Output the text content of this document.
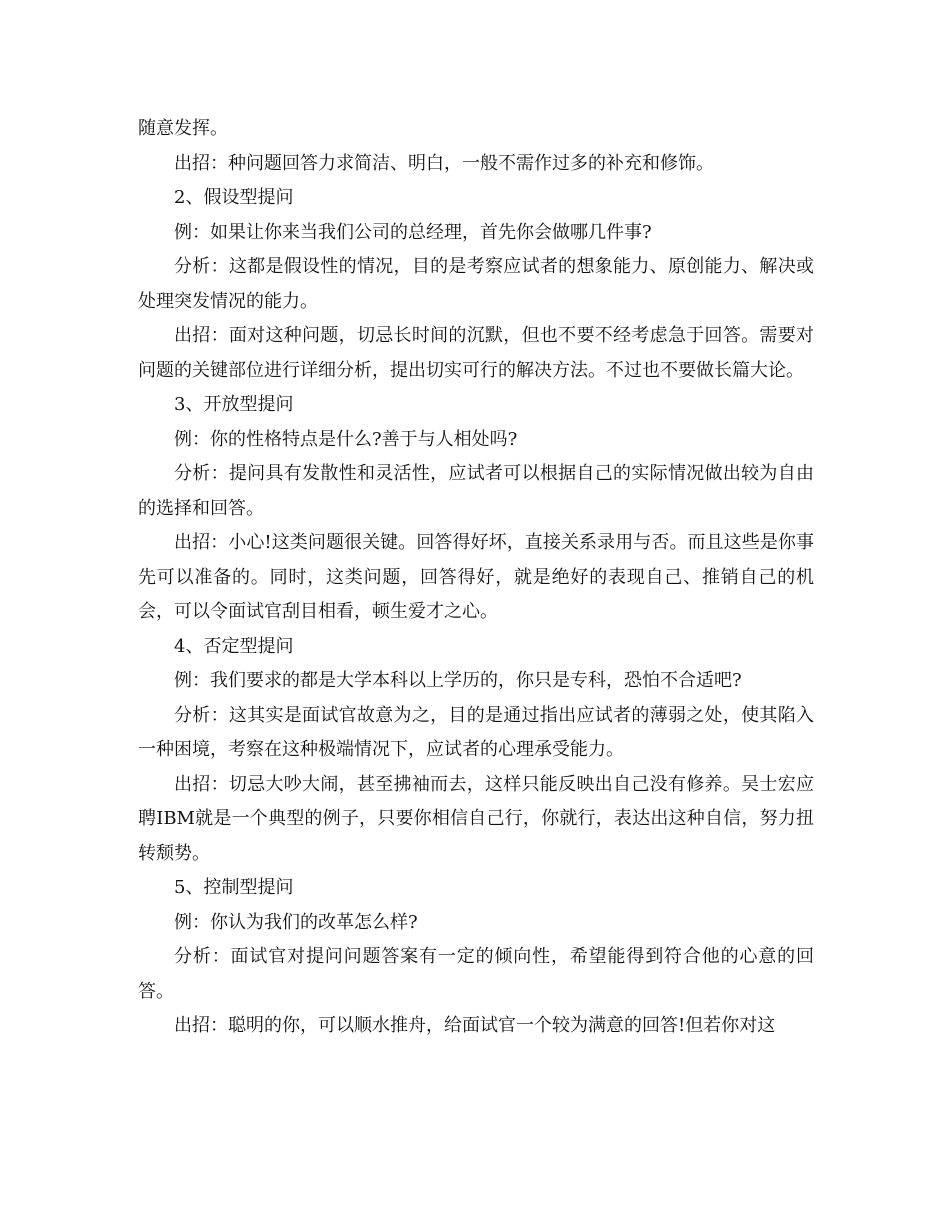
随意发挥。

出招：种问题回答力求简洁、明白，一般不需作过多的补充和修饰。

2、假设型提问

例：如果让你来当我们公司的总经理，首先你会做哪几件事?

分析：这都是假设性的情况，目的是考察应试者的想象能力、原创能力、解决或处理突发情况的能力。

出招：面对这种问题，切忌长时间的沉默，但也不要不经考虑急于回答。需要对问题的关键部位进行详细分析，提出切实可行的解决方法。不过也不要做长篇大论。

3、开放型提问

例：你的性格特点是什么?善于与人相处吗?

分析：提问具有发散性和灵活性，应试者可以根据自己的实际情况做出较为自由的选择和回答。

出招：小心!这类问题很关键。回答得好坏，直接关系录用与否。而且这些是你事先可以准备的。同时，这类问题，回答得好，就是绝好的表现自己、推销自己的机会，可以令面试官刮目相看，顿生爱才之心。

4、否定型提问

例：我们要求的都是大学本科以上学历的，你只是专科，恐怕不合适吧?

分析：这其实是面试官故意为之，目的是通过指出应试者的薄弱之处，使其陷入一种困境，考察在这种极端情况下，应试者的心理承受能力。

出招：切忌大吵大闹，甚至拂袖而去，这样只能反映出自己没有修养。吴士宏应聘IBM就是一个典型的例子，只要你相信自己行，你就行，表达出这种自信，努力扭转颓势。

5、控制型提问

例：你认为我们的改革怎么样?

分析：面试官对提问问题答案有一定的倾向性，希望能得到符合他的心意的回答。

出招：聪明的你，可以顺水推舟，给面试官一个较为满意的回答!但若你对这
